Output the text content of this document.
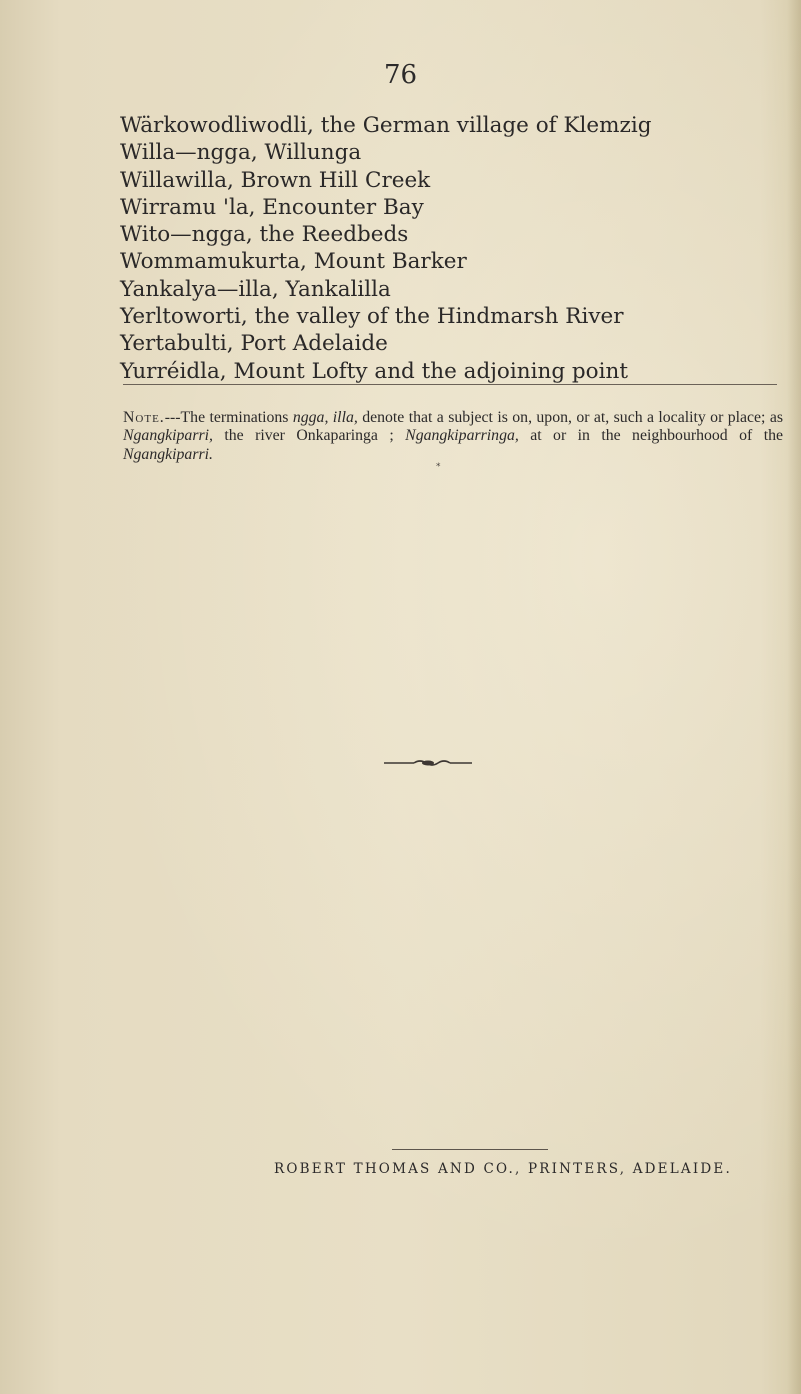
76
Wärkowodliwodli, the German village of Klemzig
Willa—ngga, Willunga
Willawilla, Brown Hill Creek
Wirramu 'la, Encounter Bay
Wito—ngga, the Reedbeds
Wommamukurta, Mount Barker
Yankalya—illa, Yankalilla
Yerltoworti, the valley of the Hindmarsh River
Yertabulti, Port Adelaide
Yurréidla, Mount Lofty and the adjoining point

Note.---The terminations ngga, illa, denote that a subject is on, upon, or at, such a locality or place; as Ngangkiparri, the river Onkaparinga ; Ngangkiparringa, at or in the neighbourhood of the Ngangkiparri.

*
ROBERT THOMAS AND CO., PRINTERS, ADELAIDE.
